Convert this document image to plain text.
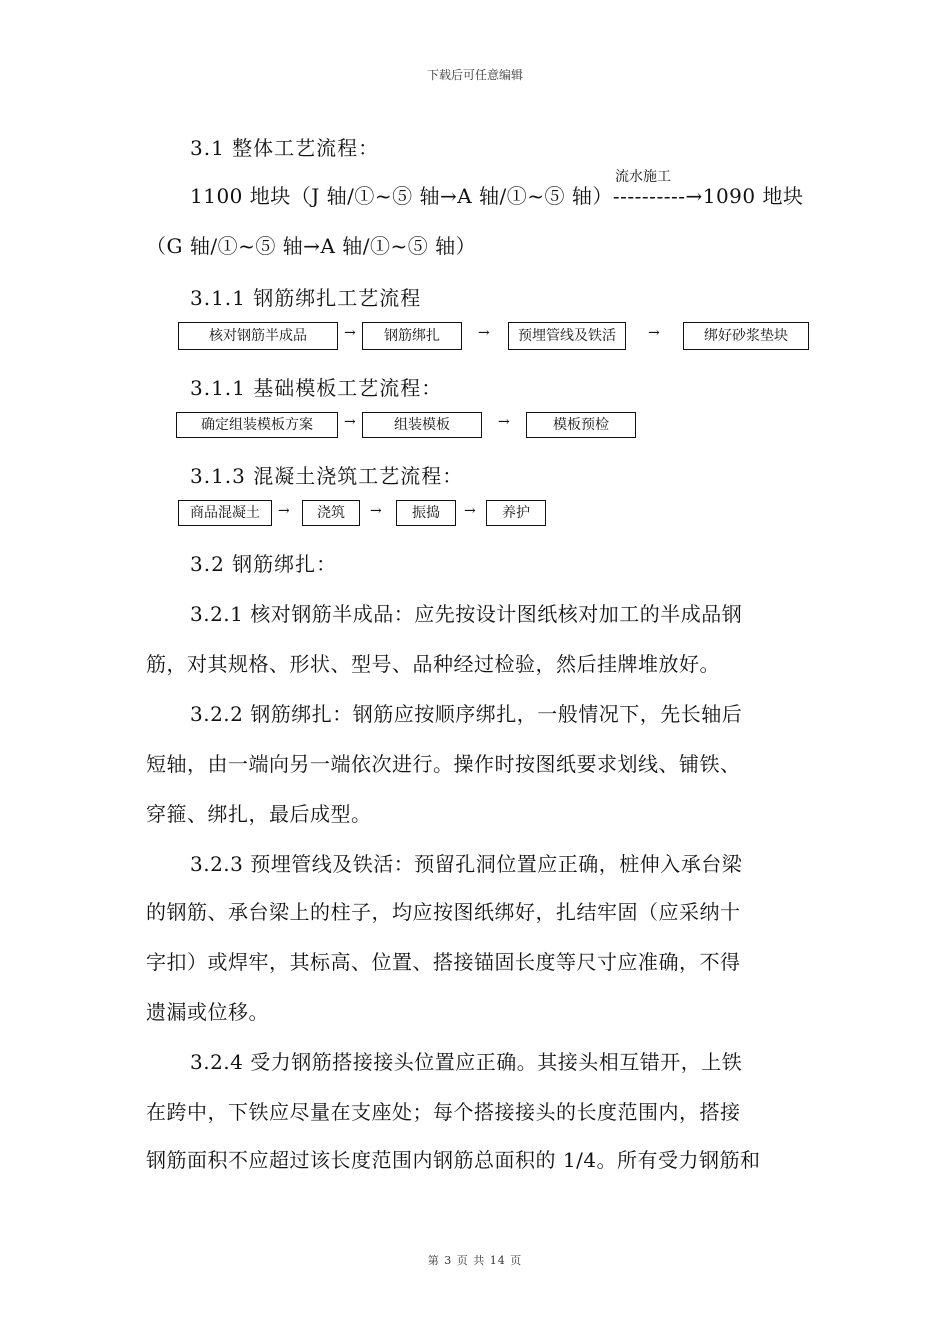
下载后可任意编辑
3.1 整体工艺流程：
流水施工
1100 地块（J 轴/①~⑤ 轴→A 轴/①~⑤ 轴）----------→1090 地块
（G 轴/①~⑤ 轴→A 轴/①~⑤ 轴）
3.1.1 钢筋绑扎工艺流程
核对钢筋半成品	→	钢筋绑扎	→	预埋管线及铁活	→	绑好砂浆垫块
3.1.1 基础模板工艺流程：
确定组装模板方案	→	组装模板	→	模板预检
3.1.3 混凝土浇筑工艺流程：
商品混凝土	→	浇筑	→	振捣	→	养护
3.2 钢筋绑扎：
3.2.1 核对钢筋半成品：应先按设计图纸核对加工的半成品钢
筋，对其规格、形状、型号、品种经过检验，然后挂牌堆放好。
3.2.2 钢筋绑扎：钢筋应按顺序绑扎，一般情况下，先长轴后
短轴，由一端向另一端依次进行。操作时按图纸要求划线、铺铁、
穿箍、绑扎，最后成型。
3.2.3 预埋管线及铁活：预留孔洞位置应正确，桩伸入承台梁
的钢筋、承台梁上的柱子，均应按图纸绑好，扎结牢固（应采纳十
字扣）或焊牢，其标高、位置、搭接锚固长度等尺寸应准确，不得
遗漏或位移。
3.2.4 受力钢筋搭接接头位置应正确。其接头相互错开，上铁
在跨中，下铁应尽量在支座处；每个搭接接头的长度范围内，搭接
钢筋面积不应超过该长度范围内钢筋总面积的 1/4。所有受力钢筋和
第 3 页 共 14 页
